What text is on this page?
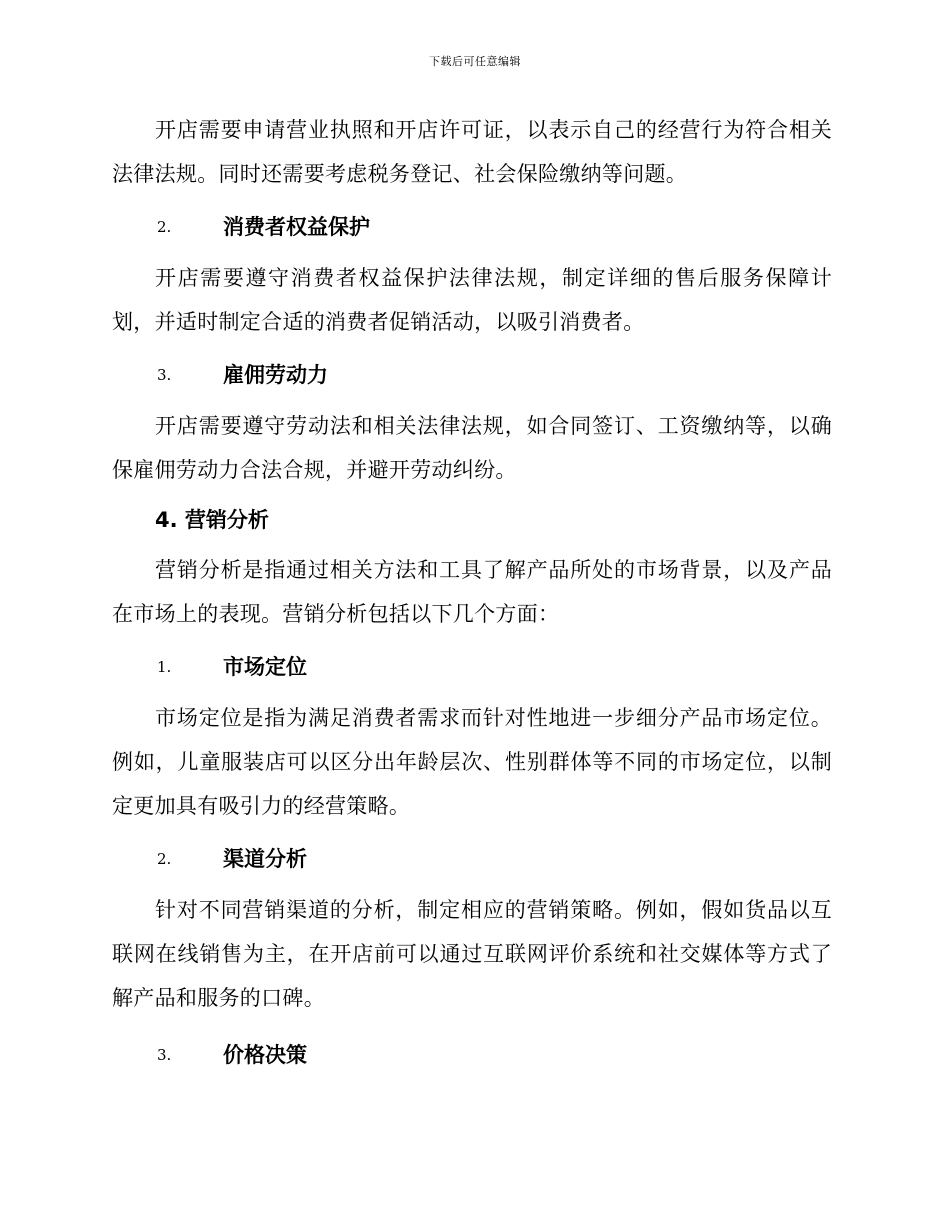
下载后可任意编辑

开店需要申请营业执照和开店许可证，以表示自己的经营行为符合相关法律法规。同时还需要考虑税务登记、社会保险缴纳等问题。

2. 消费者权益保护

开店需要遵守消费者权益保护法律法规，制定详细的售后服务保障计划，并适时制定合适的消费者促销活动，以吸引消费者。

3. 雇佣劳动力

开店需要遵守劳动法和相关法律法规，如合同签订、工资缴纳等，以确保雇佣劳动力合法合规，并避开劳动纠纷。

4. 营销分析

营销分析是指通过相关方法和工具了解产品所处的市场背景，以及产品在市场上的表现。营销分析包括以下几个方面：

1. 市场定位

市场定位是指为满足消费者需求而针对性地进一步细分产品市场定位。例如，儿童服装店可以区分出年龄层次、性别群体等不同的市场定位，以制定更加具有吸引力的经营策略。

2. 渠道分析

针对不同营销渠道的分析，制定相应的营销策略。例如，假如货品以互联网在线销售为主，在开店前可以通过互联网评价系统和社交媒体等方式了解产品和服务的口碑。

3. 价格决策
